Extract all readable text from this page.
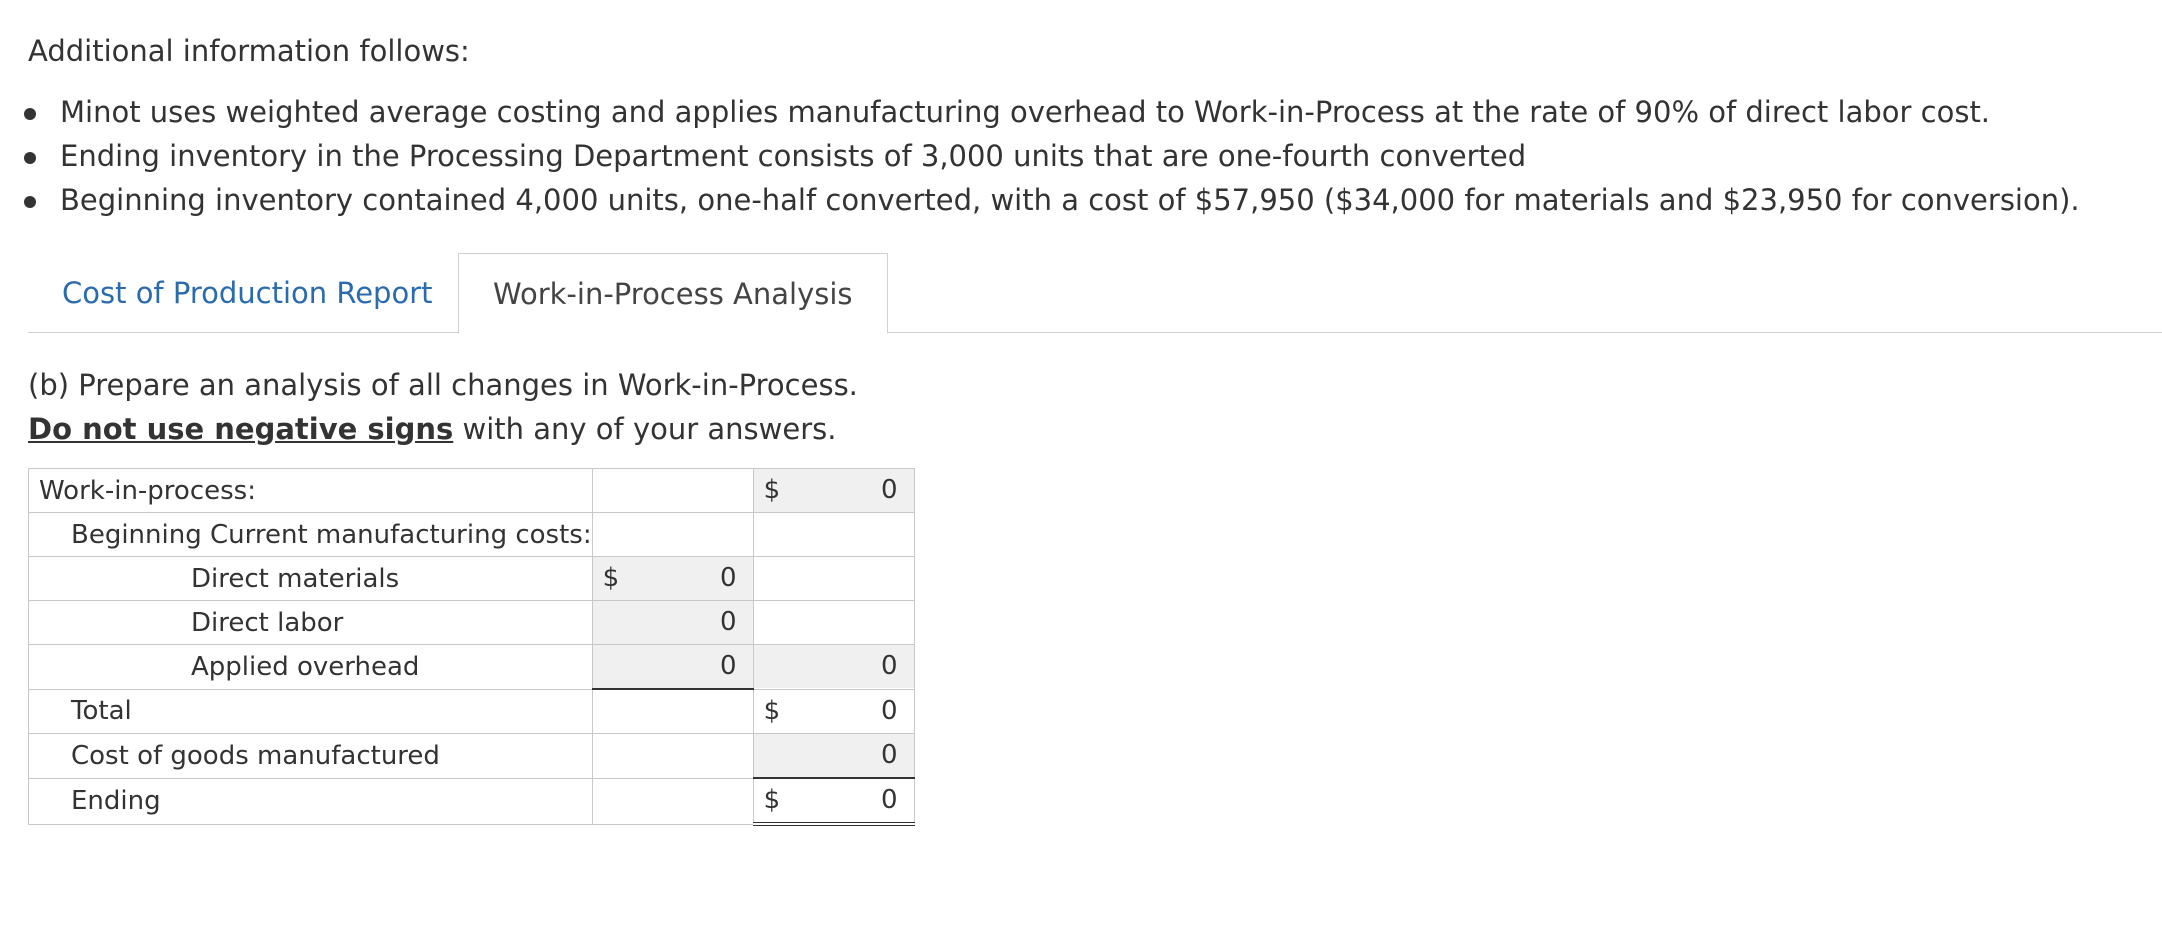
Additional information follows:

Minot uses weighted average costing and applies manufacturing overhead to Work-in-Process at the rate of 90% of direct labor cost.
Ending inventory in the Processing Department consists of 3,000 units that are one-fourth converted
Beginning inventory contained 4,000 units, one-half converted, with a cost of $57,950 ($34,000 for materials and $23,950 for conversion).
Cost of Production Report	Work-in-Process Analysis

(b) Prepare an analysis of all changes in Work-in-Process.

Do not use negative signs with any of your answers.

Work-in-process:		$ 0

Beginning Current manufacturing costs:	

Direct materials	$ 0	

Direct labor	0	

Applied overhead	0	0

Total		$ 0

Cost of goods manufactured		0

Ending		$ 0
